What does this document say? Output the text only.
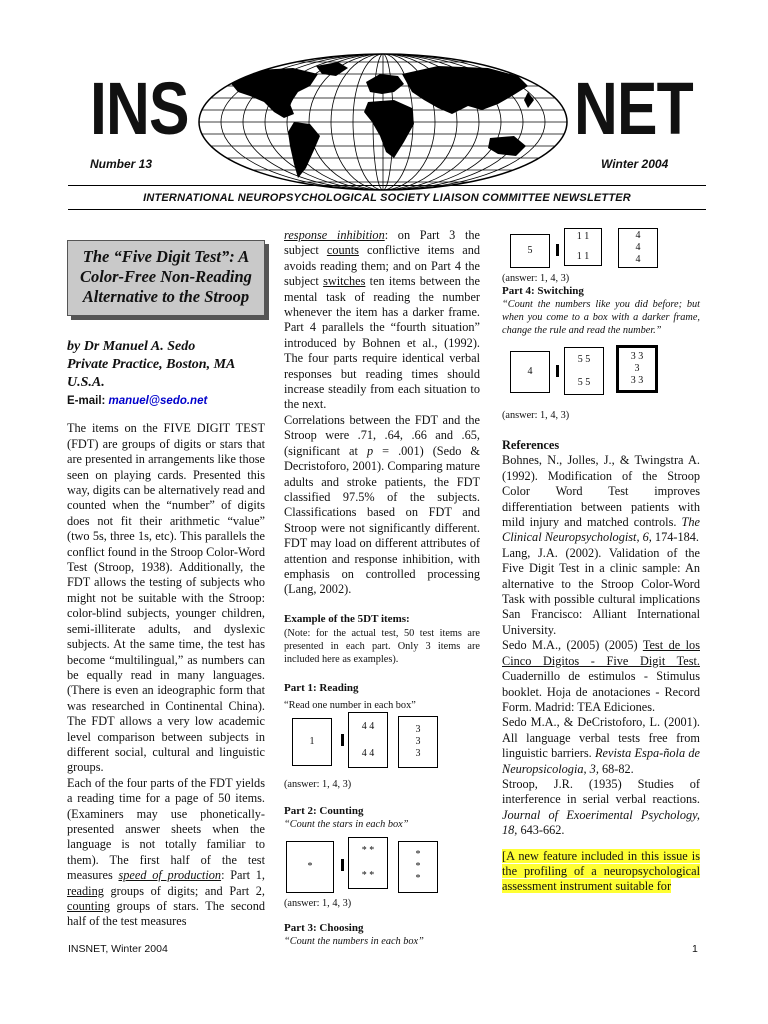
INS	NET
Number 13	Winter 2004
INTERNATIONAL NEUROPSYCHOLOGICAL SOCIETY LIAISON COMMITTEE NEWSLETTER
The “Five Digit Test”: A Color-Free Non-Reading Alternative to the Stroop
by Dr Manuel A. Sedo
Private Practice, Boston, MA
U.S.A.
E-mail: manuel@sedo.net

The items on the FIVE DIGIT TEST (FDT) are groups of digits or stars that are presented in arrangements like those seen on playing cards. Presented this way, digits can be alternatively read and counted when the “number” of digits does not fit their arithmetic “value” (two 5s, three 1s, etc). This parallels the conflict found in the Stroop Color-Word Test (Stroop, 1938). Additionally, the FDT allows the testing of subjects who might not be suitable with the Stroop: color-blind subjects, younger children, semi-illiterate adults, and dyslexic subjects. At the same time, the test has become “multilingual,” as numbers can be equally read in many languages. (There is even an ideographic form that was researched in Continental China). The FDT allows a very low academic level comparison between subjects in different social, cultural and linguistic groups.

Each of the four parts of the FDT yields a reading time for a page of 50 items. (Examiners may use phonetically-presented answer sheets when the language is not totally familiar to them). The first half of the test measures speed of production: Part 1, reading groups of digits; and Part 2, counting groups of stars. The second half of the test measures

response inhibition: on Part 3 the subject counts conflictive items and avoids reading them; and on Part 4 the subject switches ten items between the mental task of reading the number whenever the item has a darker frame. Part 4 parallels the “fourth situation” introduced by Bohnen et al., (1992). The four parts require identical verbal responses but reading times should increase steadily from each situation to the next.

Correlations between the FDT and the Stroop were .71, .64, .66 and .65, (significant at p = .001) (Sedo & Decristoforo, 2001). Comparing mature adults and stroke patients, the FDT classified 97.5% of the subjects. Classifications based on FDT and Stroop were not significantly different. FDT may load on different attributes of attention and response inhibition, with emphasis on controlled processing (Lang, 2002).

Example of the 5DT items:
(Note: for the actual test, 50 test items are presented in each part. Only 3 items are included here as examples).
Part 1: Reading
“Read one number in each box”
1
4 4
4 4
3
3
3
(answer: 1, 4, 3)
Part 2: Counting
“Count the stars in each box”
*
* *
* *
*
*
*
(answer: 1, 4, 3)
Part 3: Choosing
“Count the numbers in each box”
5
1 1
1 1
4
4
4
(answer: 1, 4, 3)
Part 4: Switching
“Count the numbers like you did before; but when you come to a box with a darker frame, change the rule and read the number.”
4
5 5
5 5
3 3
3
3 3
(answer: 1, 4, 3)
References

Bohnes, N., Jolles, J., & Twingstra A. (1992). Modification of the Stroop Color Word Test improves differentiation between patients with mild injury and matched controls. The Clinical Neuropsychologist, 6, 174-184.

Lang, J.A. (2002). Validation of the Five Digit Test in a clinic sample: An alternative to the Stroop Color-Word Task with possible cultural implications San Francisco: Alliant International University.

Sedo M.A., (2005) (2005) Test de los Cinco Digitos - Five Digit Test. Cuadernillo de estimulos - Stimulus booklet. Hoja de anotaciones - Record Form. Madrid: TEA Ediciones.

Sedo M.A., & DeCristoforo, L. (2001). All language verbal tests free from linguistic barriers. Revista Espa-ñola de Neuropsicologia, 3, 68-82.

Stroop, J.R. (1935) Studies of interference in serial verbal reactions. Journal of Exoerimental Psychology, 18, 643-662.

[A new feature included in this issue is the profiling of a neuropsychological assessment instrument suitable for

INSNET, Winter 2004	1
